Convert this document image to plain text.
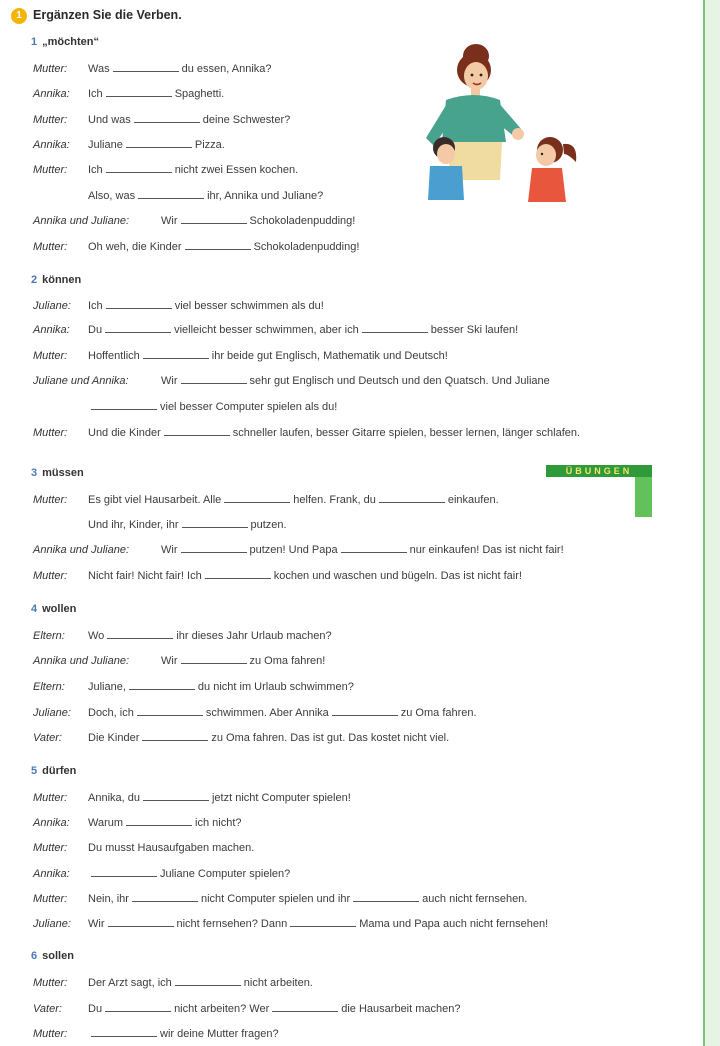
1 Ergänzen Sie die Verben.
ÜBUNGEN
1 „möchten“
Mutter: Was	du essen, Annika?
Annika: Ich	Spaghetti.
Mutter: Und was	deine Schwester?
Annika: Juliane	Pizza.
Mutter: Ich	nicht zwei Essen kochen.
Also, was	ihr, Annika und Juliane?
Annika und Juliane:	Wir	Schokoladenpudding!
Mutter: Oh weh, die Kinder	Schokoladenpudding!
2 können
Juliane: Ich	viel besser schwimmen als du!
Annika: Du	vielleicht besser schwimmen, aber ich	besser Ski laufen!
Mutter: Hoffentlich	ihr beide gut Englisch, Mathematik und Deutsch!
Juliane und Annika:	Wir	sehr gut Englisch und Deutsch und den Quatsch. Und Juliane
viel besser Computer spielen als du!
Mutter: Und die Kinder	schneller laufen, besser Gitarre spielen, besser lernen, länger schlafen.
3 müssen
Mutter: Es gibt viel Hausarbeit. Alle	helfen. Frank, du	einkaufen.
Und ihr, Kinder, ihr	putzen.
Annika und Juliane:	Wir	putzen! Und Papa	nur einkaufen! Das ist nicht fair!
Mutter: Nicht fair! Nicht fair! Ich	kochen und waschen und bügeln. Das ist nicht fair!
4 wollen
Eltern: Wo	ihr dieses Jahr Urlaub machen?
Annika und Juliane:	Wir	zu Oma fahren!
Eltern: Juliane,	du nicht im Urlaub schwimmen?
Juliane: Doch, ich	schwimmen. Aber Annika	zu Oma fahren.
Vater: Die Kinder	zu Oma fahren. Das ist gut. Das kostet nicht viel.
5 dürfen
Mutter: Annika, du	jetzt nicht Computer spielen!
Annika: Warum	ich nicht?
Mutter: Du musst Hausaufgaben machen.
Annika:	Juliane Computer spielen?
Mutter: Nein, ihr	nicht Computer spielen und ihr	auch nicht fernsehen.
Juliane: Wir	nicht fernsehen? Dann	Mama und Papa auch nicht fernsehen!
6 sollen
Mutter: Der Arzt sagt, ich	nicht arbeiten.
Vater: Du	nicht arbeiten? Wer	die Hausarbeit machen?
Mutter:	wir deine Mutter fragen?
